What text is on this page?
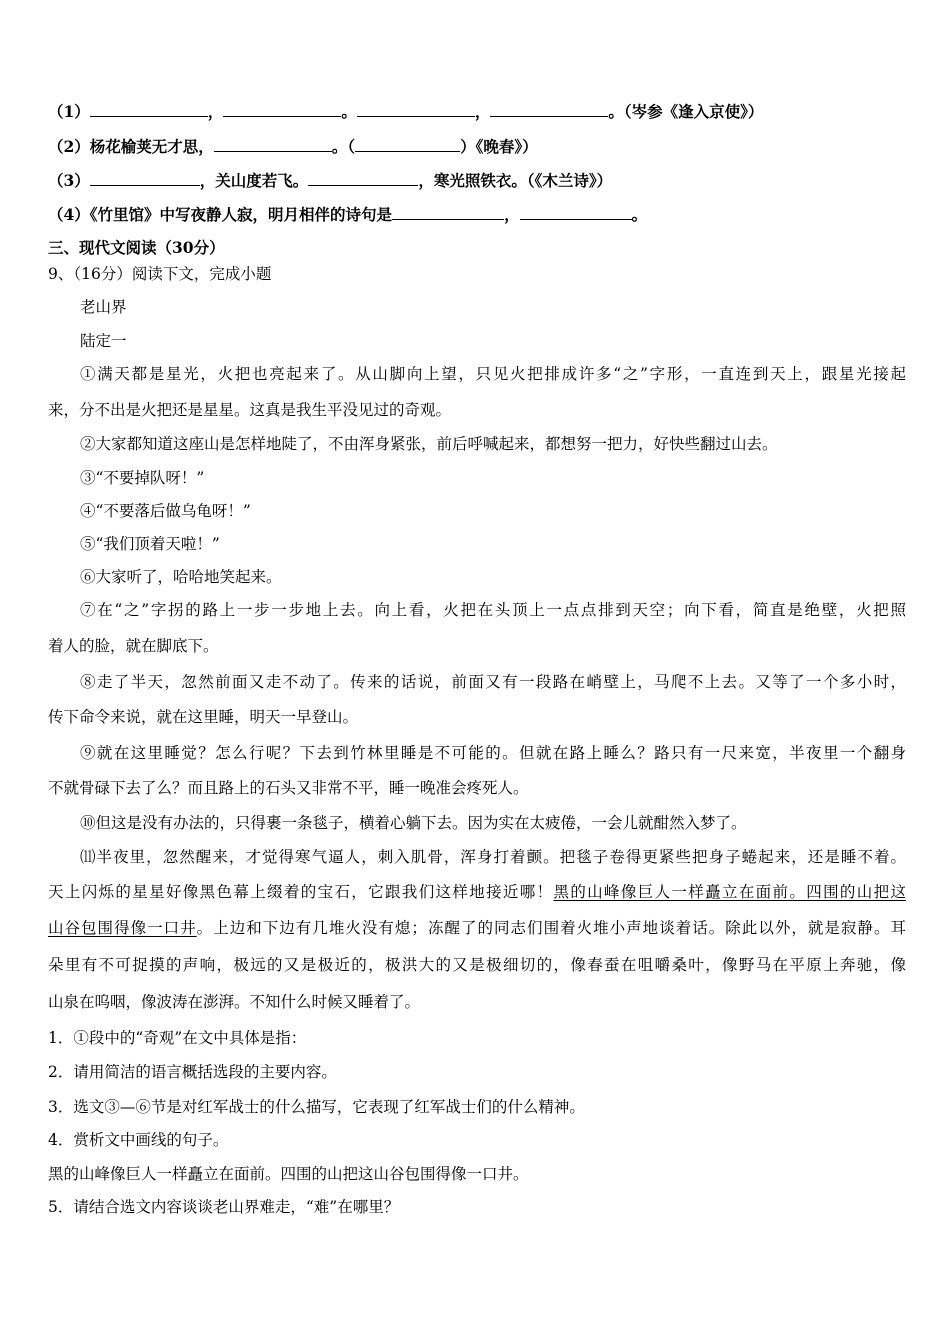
（1）	，	。	，	。（岑参《逢入京使》）
（2）杨花榆荚无才思，	。（	）《晚春》）
（3）	，关山度若飞。	，寒光照铁衣。（《木兰诗》）
（4）《竹里馆》中写夜静人寂，明月相伴的诗句是	，	。
三、现代文阅读（30分）
9、（16分）阅读下文，完成小题
老山界
陆定一
①满天都是星光，火把也亮起来了。从山脚向上望，只见火把排成许多“之”字形，一直连到天上，跟星光接起
来，分不出是火把还是星星。这真是我生平没见过的奇观。
②大家都知道这座山是怎样地陡了，不由浑身紧张，前后呼喊起来，都想努一把力，好快些翻过山去。
③“不要掉队呀！”
④“不要落后做乌龟呀！”
⑤“我们顶着天啦！”
⑥大家听了，哈哈地笑起来。
⑦在“之”字拐的路上一步一步地上去。向上看，火把在头顶上一点点排到天空；向下看，简直是绝壁，火把照
着人的脸，就在脚底下。
⑧走了半天，忽然前面又走不动了。传来的话说，前面又有一段路在峭壁上，马爬不上去。又等了一个多小时，
传下命令来说，就在这里睡，明天一早登山。
⑨就在这里睡觉？怎么行呢？下去到竹林里睡是不可能的。但就在路上睡么？路只有一尺来宽，半夜里一个翻身
不就骨碌下去了么？而且路上的石头又非常不平，睡一晚准会疼死人。
⑩但这是没有办法的，只得裹一条毯子，横着心躺下去。因为实在太疲倦，一会儿就酣然入梦了。
⑾半夜里，忽然醒来，才觉得寒气逼人，刺入肌骨，浑身打着颤。把毯子卷得更紧些把身子蜷起来，还是睡不着。
天上闪烁的星星好像黑色幕上缀着的宝石，它跟我们这样地接近哪！黑的山峰像巨人一样矗立在面前。四围的山把这
山谷包围得像一口井。上边和下边有几堆火没有熄；冻醒了的同志们围着火堆小声地谈着话。除此以外，就是寂静。耳
朵里有不可捉摸的声响，极远的又是极近的，极洪大的又是极细切的，像春蚕在咀嚼桑叶，像野马在平原上奔驰，像
山泉在呜咽，像波涛在澎湃。不知什么时候又睡着了。
1．①段中的“奇观”在文中具体是指：
2．请用简洁的语言概括选段的主要内容。
3．选文③—⑥节是对红军战士的什么描写，它表现了红军战士们的什么精神。
4．赏析文中画线的句子。
黑的山峰像巨人一样矗立在面前。四围的山把这山谷包围得像一口井。
5．请结合选文内容谈谈老山界难走，“难”在哪里？
